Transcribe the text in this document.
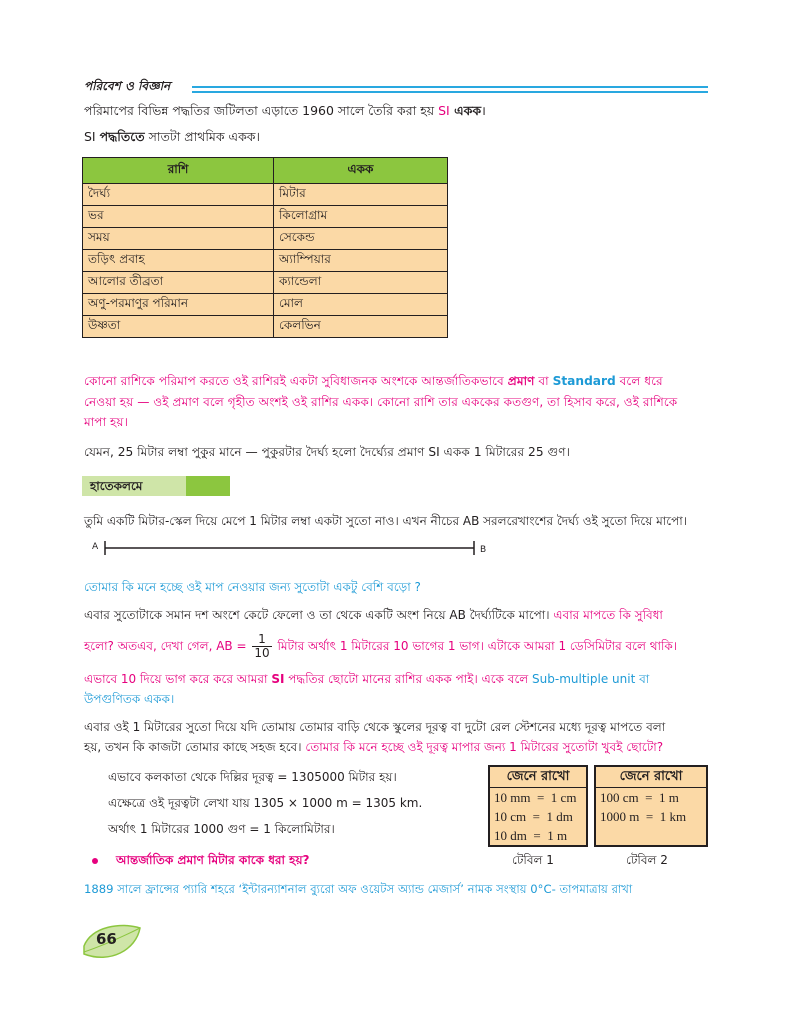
পরিবেশ ও বিজ্ঞান
পরিমাপের বিভিন্ন পদ্ধতির জটিলতা এড়াতে 1960 সালে তৈরি করা হয় SI একক।
SI পদ্ধতিতে সাতটা প্রাথমিক একক।
রাশি	একক
দৈর্ঘ্য	মিটার
ভর	কিলোগ্রাম
সময়	সেকেন্ড
তড়িৎ প্রবাহ	অ্যাম্পিয়ার
আলোর তীব্রতা	ক্যান্ডেলা
অণু-পরমাণুর পরিমান	মোল
উষ্ণতা	কেলভিন
কোনো রাশিকে পরিমাপ করতে ওই রাশিরই একটা সুবিধাজনক অংশকে আন্তর্জাতিকভাবে প্রমাণ বা Standard বলে ধরে
নেওয়া হয় — ওই প্রমাণ বলে গৃহীত অংশই ওই রাশির একক। কোনো রাশি তার এককের কতগুণ, তা হিসাব করে, ওই রাশিকে
মাপা হয়।
যেমন, 25 মিটার লম্বা পুকুর মানে — পুকুরটার দৈর্ঘ্য হলো দৈর্ঘ্যের প্রমাণ SI একক 1 মিটারের 25 গুণ।
হাতেকলমে
তুমি একটি মিটার-স্কেল দিয়ে মেপে 1 মিটার লম্বা একটা সুতো নাও। এখন নীচের AB সরলরেখাংশের দৈর্ঘ্য ওই সুতো দিয়ে মাপো।
A	B
তোমার কি মনে হচ্ছে ওই মাপ নেওয়ার জন্য সুতোটা একটু বেশি বড়ো ?
এবার সুতোটাকে সমান দশ অংশে কেটে ফেলো ও তা থেকে একটি অংশ নিয়ে AB দৈর্ঘ্যটিকে মাপো। এবার মাপতে কি সুবিধা
হলো? অতএব, দেখা গেল, AB = $\frac{1}{10}$ মিটার অর্থাৎ 1 মিটারের 10 ভাগের 1 ভাগ। এটাকে আমরা 1 ডেসিমিটার বলে থাকি।
এভাবে 10 দিয়ে ভাগ করে করে আমরা SI পদ্ধতির ছোটো মানের রাশির একক পাই। একে বলে Sub-multiple unit বা
উপগুণিতক একক।
এবার ওই 1 মিটারের সুতো দিয়ে যদি তোমায় তোমার বাড়ি থেকে স্কুলের দূরত্ব বা দুটো রেল স্টেশনের মধ্যে দূরত্ব মাপতে বলা
হয়, তখন কি কাজটা তোমার কাছে সহজ হবে। তোমার কি মনে হচ্ছে ওই দূরত্ব মাপার জন্য 1 মিটারের সুতোটা খুবই ছোটো?
এভাবে কলকাতা থেকে দিল্লির দূরত্ব = 1305000 মিটার হয়।
এক্ষেত্রে ওই দূরত্বটা লেখা যায় 1305 × 1000 m = 1305 km.
অর্থাৎ 1 মিটারের 1000 গুণ = 1 কিলোমিটার।
জেনে রাখো
10 mm  =  1 cm
10 cm  =  1 dm
10 dm  =  1 m
জেনে রাখো
100 cm  =  1 m
1000 m  =  1 km
টেবিল 1	টেবিল 2
আন্তর্জাতিক প্রমাণ মিটার কাকে ধরা হয়?
1889 সালে ফ্রান্সের প্যারি শহরে ‘ইন্টারন্যাশনাল ব্যুরো অফ ওয়েটস অ্যান্ড মেজার্স’ নামক সংস্থায় 0°C- তাপমাত্রায় রাখা
66
